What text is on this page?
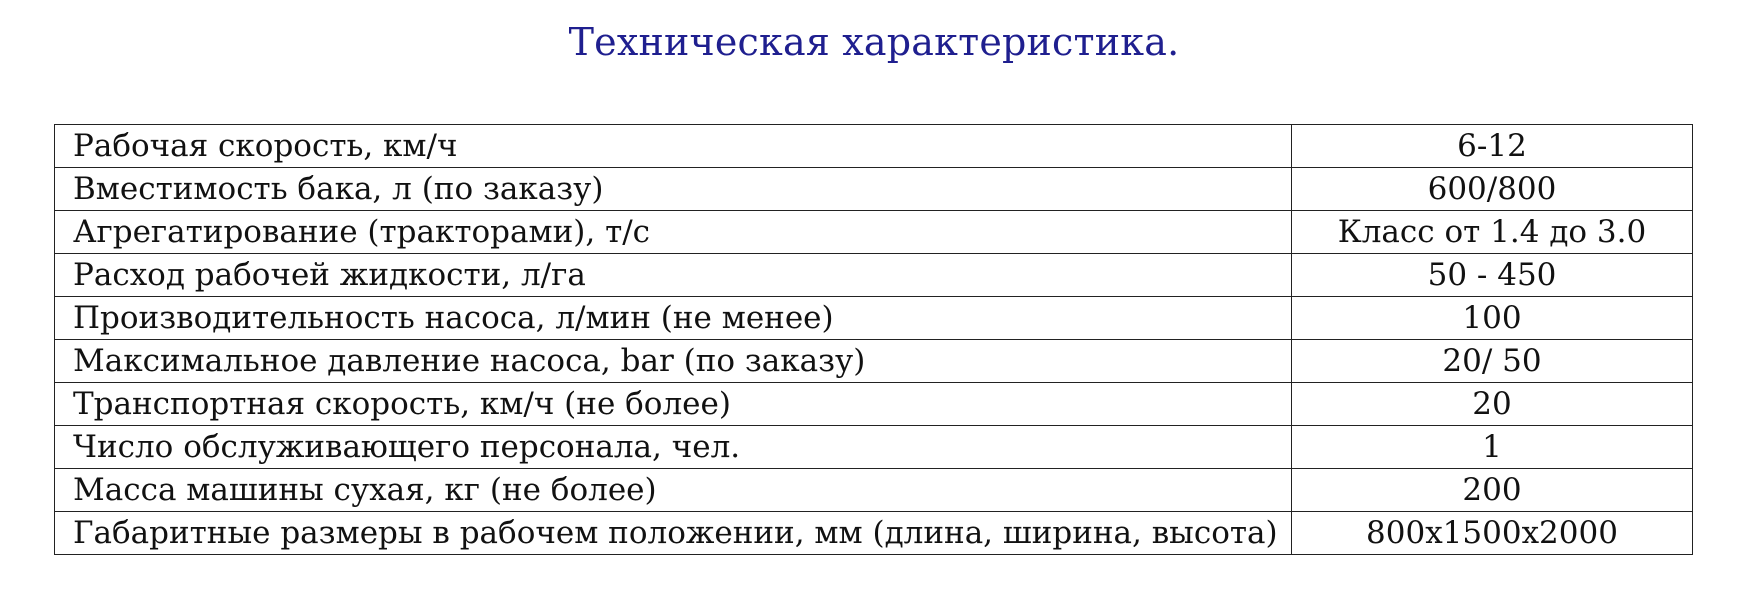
Техническая характеристика.
Рабочая скорость, км/ч	6-12
Вместимость бака, л (по заказу)	600/800
Агрегатирование (тракторами), т/с	Класс от 1.4 до 3.0
Расход рабочей жидкости, л/га	50 - 450
Производительность насоса, л/мин (не менее)	100
Максимальное давление насоса, bar (по заказу)	20/ 50
Транспортная скорость, км/ч (не более)	20
Число обслуживающего персонала, чел.	1
Масса машины сухая, кг (не более)	200
Габаритные размеры в рабочем положении, мм (длина, ширина, высота)	800х1500х2000
